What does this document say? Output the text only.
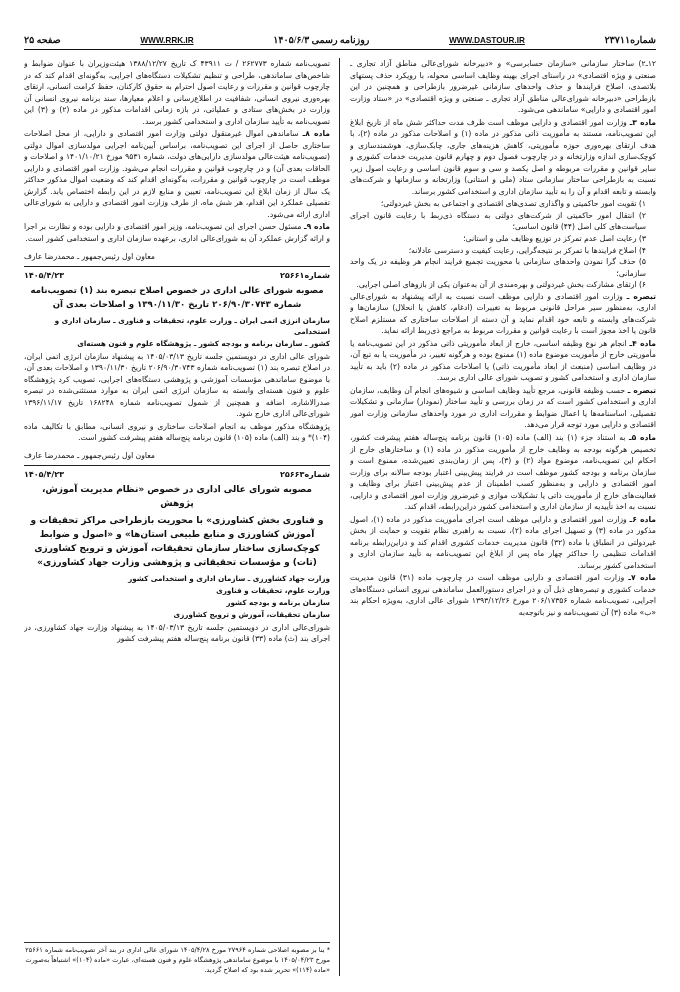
شماره۲۳۷۱۱
WWW.DASTOUR.IR
روزنامه رسمی ۱۴۰۵/۶/۳
WWW.RRK.IR
صفحه ۲۵

۱۲ـ۲) ساختار سازمانی «سازمان حسابرسی» و «دبیرخانه شورای‌عالی مناطق آزاد تجاری ـ صنعتی و ویژه اقتصادی» در راستای اجرای بهینه وظایف اساسی محوله، با رویکرد حذف پستهای بلاتصدی، اصلاح فرایندها و حذف واحدهای سازمانی غیرضرور بازطراحی و همچنین در این بازطراحی «دبیرخانه شورای‌عالی مناطق آزاد تجاری ـ صنعتی و ویژه اقتصادی» در «ستاد وزارت امور اقتصادی و دارایی» ساماندهی می‌شود.

ماده ۳ـ وزارت امور اقتصادی و دارایی موظف است ظرف مدت حداکثر شش ماه از تاریخ ابلاغ این تصویب‌نامه، مستند به مأموریت ذاتی مذکور در ماده (۱) و اصلاحات مذکور در ماده (۲)، با هدف ارتقای بهره‌وری حوزه مأموریتی، کاهش هزینه‌های جاری، چابک‌سازی، هوشمندسازی و کوچک‌سازی اندازه وزارتخانه و در چارچوب فصول دوم و چهارم قانون مدیریت خدمات کشوری و سایر قوانین و مقررات مربوطه و اصل یکصد و سی و سوم قانون اساسی و رعایت اصول زیر، نسبت به بازطراحی ساختار سازمانی ستاد (ملی و استانی) وزارتخانه و سازمانها و شرکت‌های وابسته و تابعه اقدام و آن را به تأیید سازمان اداری و استخدامی کشور برساند.

۱) تقویت امور حاکمیتی و واگذاری تصدی‌های اقتصادی و اجتماعی به بخش غیردولتی؛
۲) انتقال امور حاکمیتی از شرکت‌های دولتی به دستگاه ذی‌ربط با رعایت قانون اجرای سیاست‌های کلی اصل (۴۴) قانون اساسی؛
۳) رعایت اصل عدم تمرکز در توزیع وظایف ملی و استانی؛
۴) اصلاح فرایندها با تمرکز بر نتیجه‌گرایی، رعایت کیفیت و دسترسی عادلانه؛
۵) حذف گرا نمودن واحدهای سازمانی با محوریت تجمیع فرایند انجام هر وظیفه در یک واحد سازمانی؛
۶) ارتقای مشارکت بخش غیردولتی و بهره‌مندی از آن به‌عنوان یکی از بازوهای اصلی اجرایی.

تبصره ـ وزارت امور اقتصادی و دارایی موظف است نسبت به ارائه پیشنهاد به شورای‌عالی اداری، به‌منظور سیر مراحل قانونی مربوط به تغییرات (ادغام، کاهش یا انحلال) سازمان‌ها و شرکت‌های وابسته و تابعه خود اقدام نماید و آن دسته از اصلاحات ساختاری که مستلزم اصلاح قانون یا اخذ مجوز است با رعایت قوانین و مقررات مربوط به مراجع ذی‌ربط ارائه نماید.

ماده ۴ـ انجام هر نوع وظیفه اساسی، خارج از ابعاد مأموریتی ذاتی مذکور در این تصویب‌نامه یا مأموریتی خارج از مأموریت موضوع ماده (۱) ممنوع بوده و هرگونه تغییر، در مأموریت یا به تبع آن، در وظایف اساسی (منبعث از ابعاد مأموریت ذاتی) یا اصلاحات مذکور در ماده (۲) باید به تأیید سازمان اداری و استخدامی کشور و تصویب شورای عالی اداری برسد.

تبصره ـ حسب وظیفه قانونی، مرجع تأیید وظایف اساسی و شیوه‌های انجام آن وظایف، سازمان اداری و استخدامی کشور است که در زمان بررسی و تأیید ساختار (نمودار) سازمانی و تشکیلات تفصیلی، اساسنامه‌ها یا اعمال ضوابط و مقررات اداری در مورد واحدهای سازمانی وزارت امور اقتصادی و دارایی مورد توجه قرار می‌دهد.

ماده ۵ـ به استناد جزء (۱) بند (الف) ماده (۱۰۵) قانون برنامه پنج‌ساله هفتم پیشرفت کشور، تخصیص هرگونه بودجه به وظایف خارج از مأموریت مذکور در ماده (۱) و ساختارهای خارج از احکام این تصویب‌نامه، موضوع مواد (۲) و (۳)، پس از زمان‌بندی تعیین‌شده، ممنوع است و سازمان برنامه و بودجه کشور موظف است در فرایند پیش‌بینی اعتبار بودجه سالانه برای وزارت امور اقتصادی و دارایی و به‌منظور کسب اطمینان از عدم پیش‌بینی اعتبار برای وظایف و فعالیت‌های خارج از مأموریت ذاتی یا تشکیلات موازی و غیرضرور وزارت امور اقتصادی و دارایی، نسبت به اخذ تأییدیه از سازمان اداری و استخدامی کشور دراین‌رابطه، اقدام کند.

ماده ۶ـ وزارت امور اقتصادی و دارایی موظف است اجرای مأموریت مذکور در ماده (۱)، اصول مذکور در ماده (۳) و تسهیل اجرای ماده (۲)، نسبت به راهبری نظام تقویت و حمایت از بخش غیردولتی در انطباق با ماده (۳۲) قانون مدیریت خدمات کشوری اقدام کند و دراین‌رابطه برنامه اقدامات تنظیمی را حداکثر چهار ماه پس از ابلاغ این تصویب‌نامه به تأیید سازمان اداری و استخدامی کشور برساند.

ماده ۷ـ وزارت امور اقتصادی و دارایی موظف است در چارچوب ماده (۳۱) قانون مدیریت خدمات کشوری و تبصره‌های ذیل آن و در اجرای دستورالعمل ساماندهی نیروی انسانی دستگاه‌های اجرایی، تصویب‌نامه شماره ۲۰۶/۱۷۳۵۶ مورخ ۱۳۹۳/۱۲/۲۶ شورای عالی اداری، به‌ویژه احکام بند «ب» ماده (۳) آن تصویب‌نامه و نیز باتوجه‌به

تصویب‌نامه شماره ۲۶۲۷۷۳ / ت ۴۳۹۱۱ ک تاریخ ۱۳۸۸/۱۲/۲۷ هیئت‌وزیران با عنوان ضوابط و شاخص‌های ساماندهی، طراحی و تنظیم تشکیلات دستگاه‌های اجرایی، به‌گونه‌ای اقدام کند که در چارچوب قوانین و مقررات و رعایت اصول احترام به حقوق کارکنان، حفظ کرامت انسانی، ارتقای بهره‌وری نیروی انسانی، شفافیت در اطلاع‌رسانی و اعلام معیارها، سند برنامه نیروی انسانی آن وزارت در بخش‌های ستادی و عملیاتی، در بازه زمانی اقدامات مذکور در ماده (۲) و (۳) این تصویب‌نامه به تأیید سازمان اداری و استخدامی کشور برسد.

ماده ۸ـ ساماندهی اموال غیرمنقول دولتی وزارت امور اقتصادی و دارایی، از محل اصلاحات ساختاری حاصل از اجرای این تصویب‌نامه، براساس آیین‌نامه اجرایی مولدسازی اموال دولتی (تصویب‌نامه هیئت‌عالی مولدسازی دارایی‌های دولت، شماره ۹۵۳۱ مورخ ۱۴۰۱/۱۰/۲۱ و اصلاحات و الحاقات بعدی آن) و در چارچوب قوانین و مقررات انجام می‌شود. وزارت امور اقتصادی و دارایی موظف است در چارچوب قوانین و مقررات، به‌گونه‌ای اقدام کند که وضعیت اموال مذکور حداکثر یک سال از زمان ابلاغ این تصویب‌نامه، تعیین و منابع لازم در این رابطه اختصاص یابد. گزارش تفصیلی عملکرد این اقدام، هر شش ماه، از طرف وزارت امور اقتصادی و دارایی به شورای‌عالی اداری ارائه می‌شود.

ماده ۹ـ مسئول حسن اجرای این تصویب‌نامه، وزیر امور اقتصادی و دارایی بوده و نظارت بر اجرا و ارائه گزارش عملکرد آن به شورای‌عالی اداری، برعهده سازمان اداری و استخدامی کشور است.

معاون اول رئیس‌جمهور ـ محمدرضا عارف
شماره۲۵۶۶۱
۱۴۰۵/۴/۲۳
مصوبه شورای عالی اداری در خصوص اصلاح تبصره بند (۱) تصویب‌نامه شماره ۲۰۶/۹۰/۳۰۷۴۳ تاریخ ۱۳۹۰/۱۱/۳۰ و اصلاحات بعدی آن
سازمان انرژی اتمی ایران ـ وزارت علوم، تحقیقات و فناوری ـ سازمان اداری و استخدامی
کشور ـ سازمان برنامه و بودجه کشور ـ پژوهشگاه علوم و فنون هسته‌ای

شورای عالی اداری در دویستمین جلسه تاریخ ۱۴۰۵/۰۳/۱۳ به پیشنهاد سازمان انرژی اتمی ایران، در اصلاح تبصره بند (۱) تصویب‌نامه شماره ۲۰۶/۹۰/۳۰۷۴۳ تاریخ ۱۳۹۰/۱۱/۳۰ و اصلاحات بعدی آن، با موضوع ساماندهی مؤسسات آموزشی و پژوهشی دستگاه‌های اجرایی، تصویب کرد پژوهشگاه علوم و فنون هسته‌ای وابسته به سازمان انرژی اتمی ایران به موارد مستثنی‌شده در تبصره صدرالاشاره، اضافه و همچنین از شمول تصویب‌نامه شماره ۱۶۸۲۴۸ تاریخ ۱۳۹۶/۱۱/۱۷ شورای‌عالی اداری خارج شود.

پژوهشگاه مذکور موظف به انجام اصلاحات ساختاری و نیروی انسانی، مطابق با تکالیف ماده (۱۰۴)* و بند (الف) ماده (۱۰۵) قانون برنامه پنج‌ساله هفتم پیشرفت کشور است.

معاون اول رئیس‌جمهور ـ محمدرضا عارف
شماره۲۵۶۶۳
۱۴۰۵/۴/۲۳
مصوبه شورای عالی اداری در خصوص «نظام مدیریت آموزش، پژوهش
و فناوری بخش کشاورزی» با محوریت بازطراحی مراکز تحقیقات و آموزش کشاورزی و منابع طبیعی استان‌ها» و «اصول و ضوابط کوچک‌سازی ساختار سازمان تحقیقات، آموزش و ترویج کشاورزی (تات) و مؤسسات تحقیقاتی و پژوهشی وزارت جهاد کشاورزی»
وزارت جهاد کشاورزی ـ سازمان اداری و استخدامی کشور
وزارت علوم، تحقیقات و فناوری
سازمان برنامه و بودجه کشور
سازمان تحقیقات، آموزش و ترویج کشاورزی

شورای‌عالی اداری در دویستمین جلسه تاریخ ۱۴۰۵/۰۳/۱۳ به پیشنهاد وزارت جهاد کشاورزی، در اجرای بند (ث) ماده (۳۳) قانون برنامه پنج‌ساله هفتم پیشرفت کشور

* بنا بر مصوبه اصلاحی شماره ۲۷۹۶۴ مورخ ۱۴۰۵/۴/۲۸ شورای عالی اداری در بند آخر تصویب‌نامه شماره ۲۵۶۶۱ مورخ ۱۴۰۵/۰۴/۲۳ با موضوع ساماندهی پژوهشگاه علوم و فنون هسته‌ای، عبارت «ماده (۱۰۴)» اشتباهاً به‌صورت «ماده (۱۱۴)» تحریر شده بود که اصلاح گردید.
